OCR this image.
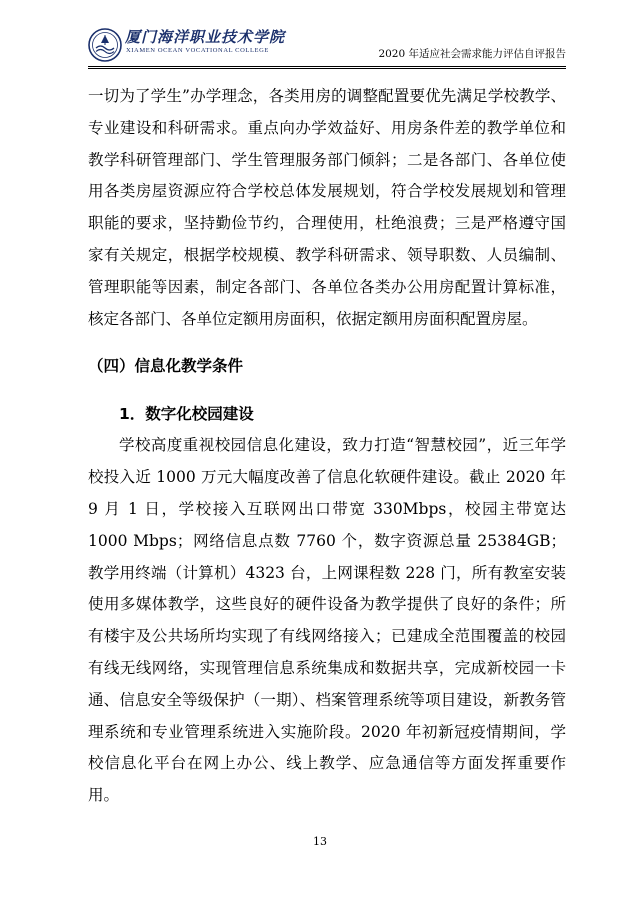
厦门海洋职业技术学院
XIAMEN OCEAN VOCATIONAL COLLEGE	2020 年适应社会需求能力评估自评报告

一切为了学生”办学理念，各类用房的调整配置要优先满足学校教学、专业建设和科研需求。重点向办学效益好、用房条件差的教学单位和教学科研管理部门、学生管理服务部门倾斜；二是各部门、各单位使用各类房屋资源应符合学校总体发展规划，符合学校发展规划和管理职能的要求，坚持勤俭节约，合理使用，杜绝浪费；三是严格遵守国家有关规定，根据学校规模、教学科研需求、领导职数、人员编制、管理职能等因素，制定各部门、各单位各类办公用房配置计算标准，核定各部门、各单位定额用房面积，依据定额用房面积配置房屋。

（四）信息化教学条件
1．数字化校园建设

学校高度重视校园信息化建设，致力打造“智慧校园”，近三年学校投入近 1000 万元大幅度改善了信息化软硬件建设。截止 2020 年 9 月 1 日，学校接入互联网出口带宽 330Mbps，校园主带宽达 1000 Mbps；网络信息点数 7760 个，数字资源总量 25384GB；教学用终端（计算机）4323 台，上网课程数 228 门，所有教室安装使用多媒体教学，这些良好的硬件设备为教学提供了良好的条件；所有楼宇及公共场所均实现了有线网络接入；已建成全范围覆盖的校园有线无线网络，实现管理信息系统集成和数据共享，完成新校园一卡通、信息安全等级保护（一期）、档案管理系统等项目建设，新教务管理系统和专业管理系统进入实施阶段。2020 年初新冠疫情期间，学校信息化平台在网上办公、线上教学、应急通信等方面发挥重要作用。

13
